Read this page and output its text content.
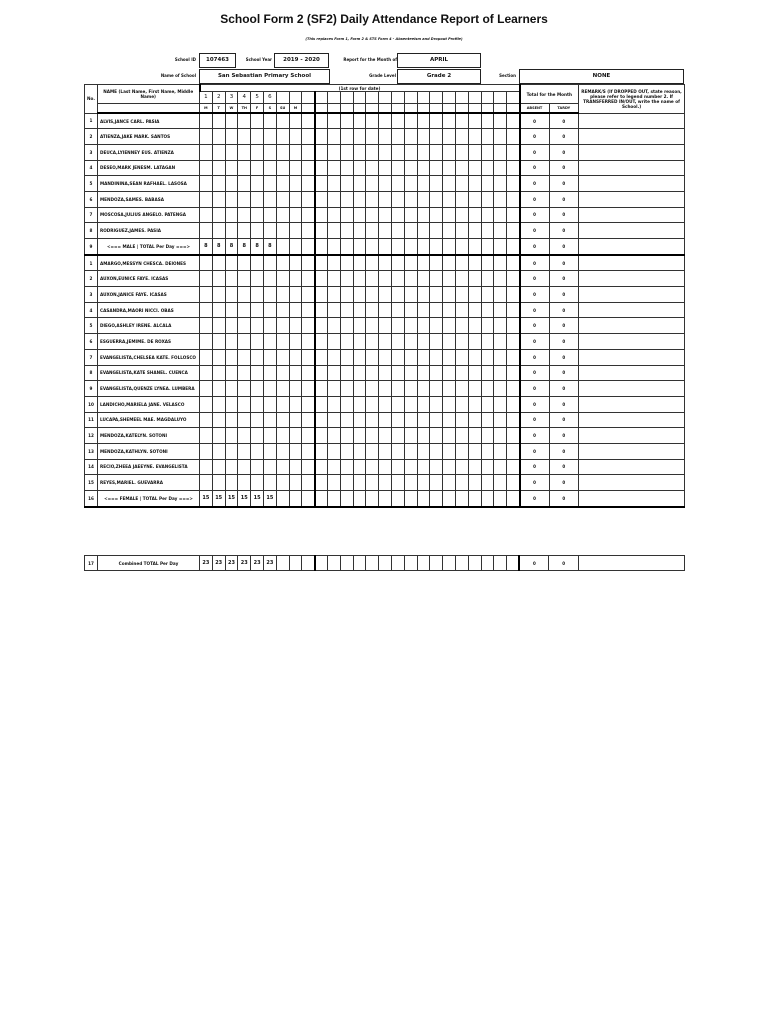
School Form 2 (SF2) Daily Attendance Report of Learners
(This replaces Form 1, Form 2 & STS Form 4 - Absenteeism and Dropout Profile)
School ID	107463	School Year	2019 - 2020	Report for the Month of	APRIL
Name of School	San Sebastian Primary School	Grade Level	Grade 2	Section	NONE
No.	NAME (Last Name, First Name, Middle Name)	(1st row for date)																									Total for the Month		REMARK/S (If DROPPED OUT, state reason, please refer to legend number 2. If TRANSFERRED IN/OUT, write the name of School.)
		1	2	3	4	5	6																						
		M	T	W	TH	F	S	SU	M																		ABSENT	TARDY	
1	ALVIS,JANCE CARL. PASIA																										0	0	
2	ATIENZA,JAKE MARK. SANTOS																										0	0	
3	DEUCA,LYIENNEY EUS. ATIENZA																										0	0	
4	DESEO,MARK JENESM. LATAGAN																										0	0	
5	MANDININA,SEAN RAFHAEL. LASOSA																										0	0	
6	MENDOZA,SAMES. BABASA																										0	0	
7	MOSCOSA,JULIUS ANGELO. PATENGA																										0	0	
8	RODRIGUEZ,JAMES. PASIA																										0	0	
9	<=== MALE | TOTAL Per Day ===>	8	8	8	8	8	8																				0	0	
1	AMARGO,MESSYN CHESCA. DEIONES																										0	0	
2	AUXON,EUNICE FAYE. ICASAS																										0	0	
3	AUXON,JANICE FAYE. ICASAS																										0	0	
4	CASANDRA,MAORI NICCI. OBAS																										0	0	
5	DIEGO,ASHLEY IRENE. ALCALA																										0	0	
6	ESGUERRA,JEMIME. DE ROXAS																										0	0	
7	EVANGELISTA,CHELSEA KATE. FOLLOSCO																										0	0	
8	EVANGELISTA,KATE SHANEL. CUENCA																										0	0	
9	EVANGELISTA,QUENZE LYNEA. LUMBERA																										0	0	
10	LANDICHO,MARIELA JANE. VELASCO																										0	0	
11	LUCAPA,SHEMEEL MAE. MAGDALUYO																										0	0	
12	MENDOZA,KATELYN. SOTONI																										0	0	
13	MENDOZA,KATHLYN. SOTONI																										0	0	
14	RECIO,ZHEEA JAEEYNE. EVANGELISTA																										0	0	
15	REYES,MARIEL. GUEVARRA																										0	0	
16	<=== FEMALE | TOTAL Per Day ===>	15	15	15	15	15	15																				0	0	
17	Combined TOTAL Per Day	23	23	23	23	23	23																				0	0	
